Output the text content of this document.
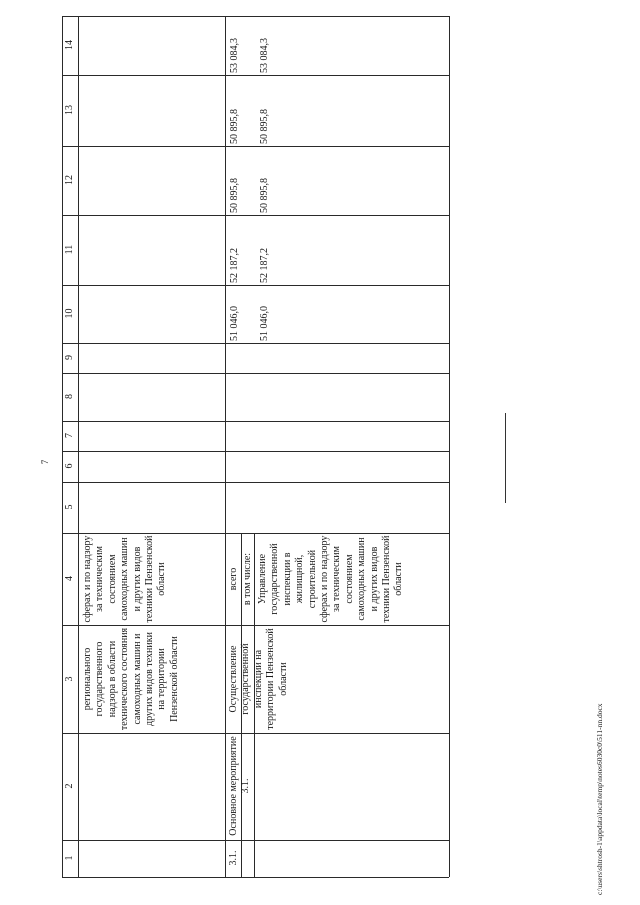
7
c:\users\shtrosh-1\appdata\local\temp\notes6030c0\511-nn.docx
1
2
3
4
5
6
7
8
9
10
11
12
13
14
регионального государственного надзора в области технического состояния самоходных машин и других видов техники на территории Пензенской области
сферах и по надзору за техническим состоянием самоходных машин и других видов техники Пензенской области
3.1.
Основное мероприятие 3.1.
Осуществление государственной инспекции на территории Пензенской области
всего
51 046,0
52 187,2
50 895,8
50 895,8
53 084,3
в том числе: Управление государственной инспекции в жилищной, строительной сферах и по надзору за техническим состоянием самоходных машин и других видов техники Пензенской области
51 046,0
52 187,2
50 895,8
50 895,8
53 084,3
